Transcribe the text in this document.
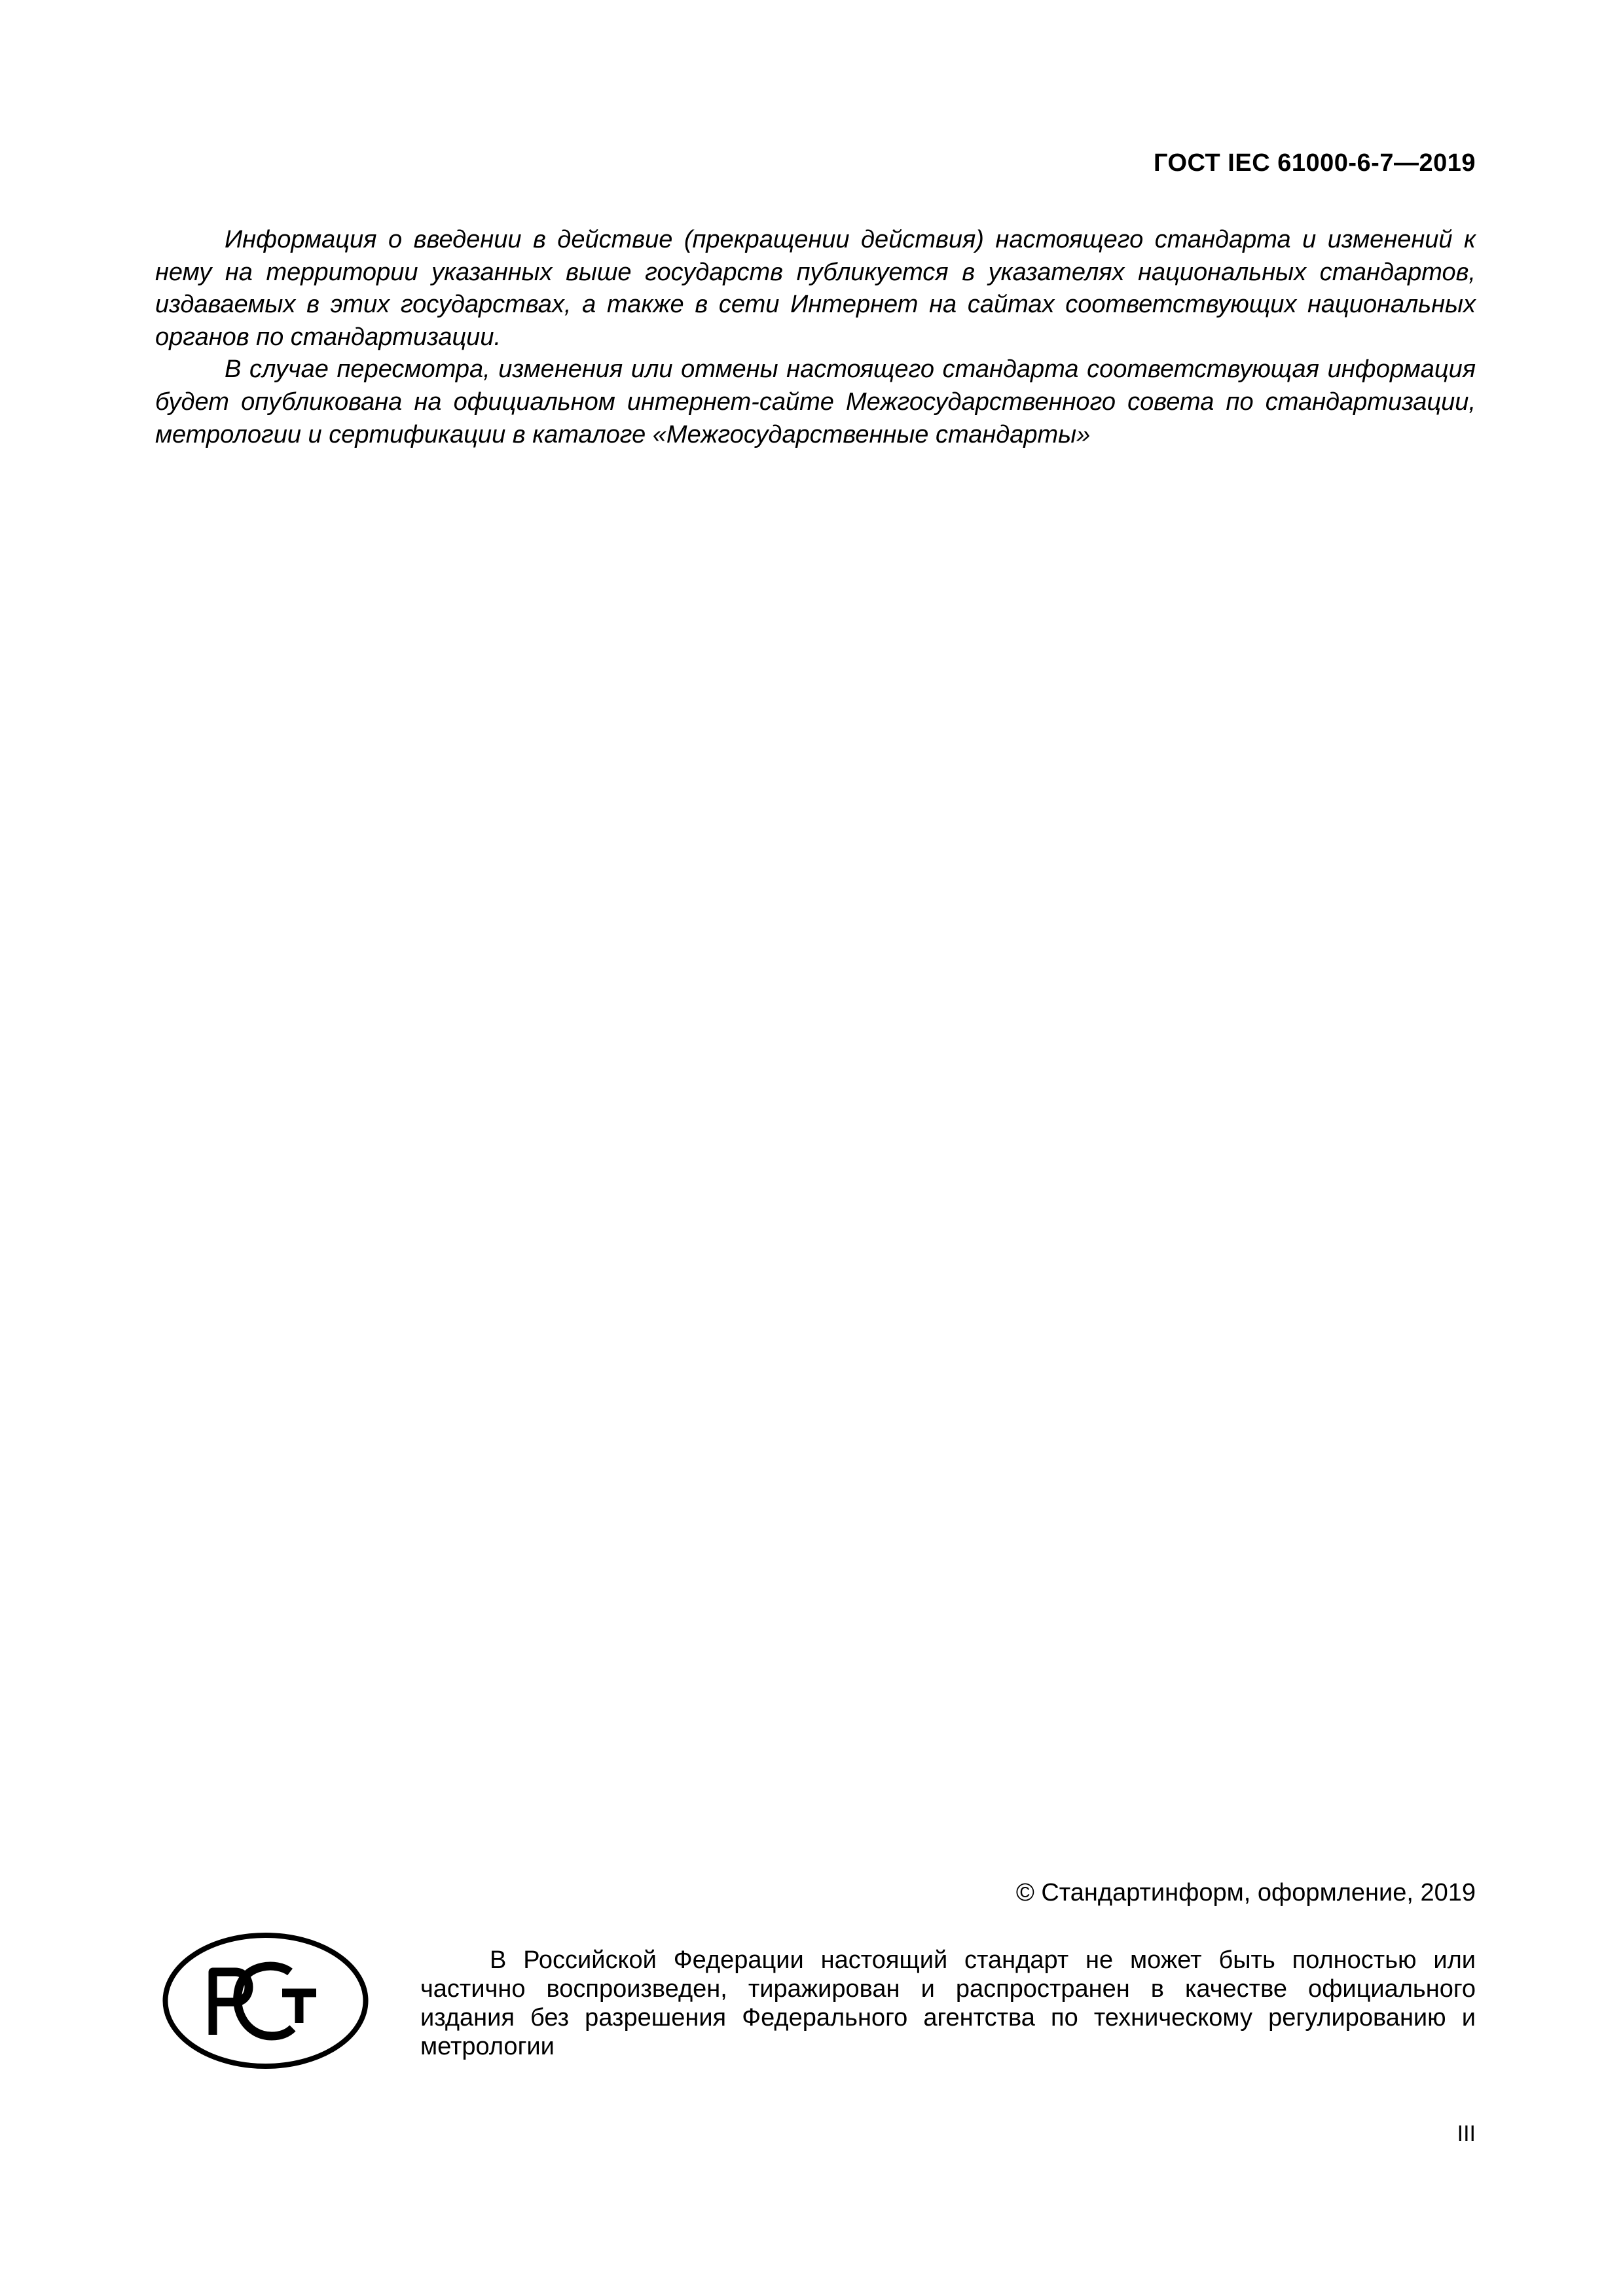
ГОСТ IEC 61000-6-7—2019

Информация о введении в действие (прекращении действия) настоящего стандарта и изменений к нему на территории указанных выше государств публикуется в указателях национальных стандартов, издаваемых в этих государствах, а также в сети Интернет на сайтах соответствующих национальных органов по стандартизации.

В случае пересмотра, изменения или отмены настоящего стандарта соответствующая информация будет опубликована на официальном интернет-сайте Межгосударственного совета по стандартизации, метрологии и сертификации в каталоге «Межгосударственные стандарты»

© Стандартинформ, оформление, 2019

В Российской Федерации настоящий стандарт не может быть полностью или частично воспроизведен, тиражирован и распространен в качестве официального издания без разрешения Федерального агентства по техническому регулированию и метрологии

III
